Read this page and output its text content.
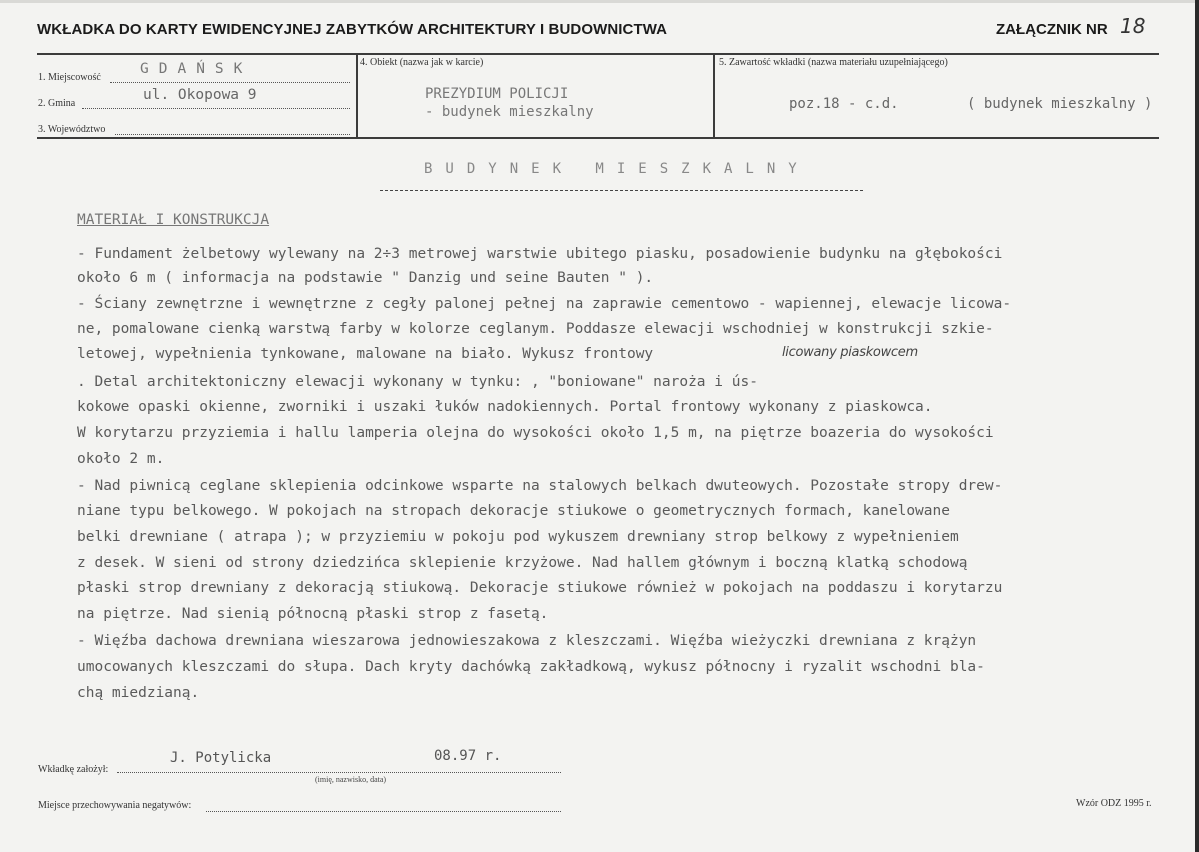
WKŁADKA DO KARTY EWIDENCYJNEJ ZABYTKÓW ARCHITEKTURY I BUDOWNICTWA	ZAŁĄCZNIK NR 18
1. Miejscowość
GDAŃSK
2. Gmina
ul. Okopowa 9
3. Województwo
4. Obiekt (nazwa jak w karcie)
PREZYDIUM POLICJI
- budynek mieszkalny
5. Zawartość wkładki (nazwa materiału uzupełniającego)
poz.18 - c.d.	( budynek mieszkalny )
BUDYNEK MIESZKALNY
MATERIAŁ I KONSTRUKCJA
- Fundament żelbetowy wylewany na 2÷3 metrowej warstwie ubitego piasku, posadowienie budynku na głębokości
około 6 m ( informacja na podstawie " Danzig und seine Bauten " ).
- Ściany zewnętrzne i wewnętrzne z cegły palonej pełnej na zaprawie cementowo - wapiennej, elewacje licowa-
ne, pomalowane cienką warstwą farby w kolorze ceglanym. Poddasze elewacji wschodniej w konstrukcji szkie-
letowej, wypełnienia tynkowane, malowane na biało. Wykusz frontowy	licowany piaskowcem
. Detal architektoniczny elewacji wykonany w tynku: , "boniowane" naroża i ús-
kokowe opaski okienne, zworniki i uszaki łuków nadokiennych. Portal frontowy wykonany z piaskowca.
W korytarzu przyziemia i hallu lamperia olejna do wysokości około 1,5 m, na piętrze boazeria do wysokości
około 2 m.
- Nad piwnicą ceglane sklepienia odcinkowe wsparte na stalowych belkach dwuteowych. Pozostałe stropy drew-
niane typu belkowego. W pokojach na stropach dekoracje stiukowe o geometrycznych formach, kanelowane
belki drewniane ( atrapa ); w przyziemiu w pokoju pod wykuszem drewniany strop belkowy z wypełnieniem
z desek. W sieni od strony dziedzińca sklepienie krzyżowe. Nad hallem głównym i boczną klatką schodową
płaski strop drewniany z dekoracją stiukową. Dekoracje stiukowe również w pokojach na poddaszu i korytarzu
na piętrze. Nad sienią północną płaski strop z fasetą.
- Więźba dachowa drewniana wieszarowa jednowieszakowa z kleszczami. Więźba wieżyczki drewniana z krążyn
umocowanych kleszczami do słupa. Dach kryty dachówką zakładkową, wykusz północny i ryzalit wschodni bla-
chą miedzianą.
Wkładkę założył:
J. Potylicka	08.97 r.
(imię, nazwisko, data)
Miejsce przechowywania negatywów:	Wzór ODZ 1995 r.
